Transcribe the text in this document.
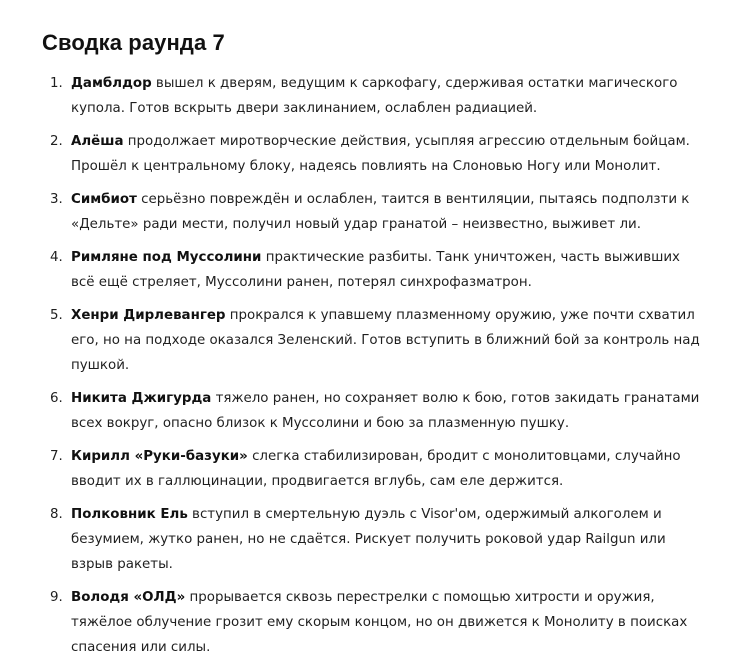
Сводка раунда 7
1. Дамблдор вышел к дверям, ведущим к саркофагу, сдерживая остатки магического купола. Готов вскрыть двери заклинанием, ослаблен радиацией.
2. Алёша продолжает миротворческие действия, усыпляя агрессию отдельным бойцам. Прошёл к центральному блоку, надеясь повлиять на Слоновью Ногу или Монолит.
3. Симбиот серьёзно повреждён и ослаблен, таится в вентиляции, пытаясь подползти к «Дельте» ради мести, получил новый удар гранатой – неизвестно, выживет ли.
4. Римляне под Муссолини практические разбиты. Танк уничтожен, часть выживших всё ещё стреляет, Муссолини ранен, потерял синхрофазматрон.
5. Хенри Дирлевангер прокрался к упавшему плазменному оружию, уже почти схватил его, но на подходе оказался Зеленский. Готов вступить в ближний бой за контроль над пушкой.
6. Никита Джигурда тяжело ранен, но сохраняет волю к бою, готов закидать гранатами всех вокруг, опасно близок к Муссолини и бою за плазменную пушку.
7. Кирилл «Руки-базуки» слегка стабилизирован, бродит с монолитовцами, случайно вводит их в галлюцинации, продвигается вглубь, сам еле держится.
8. Полковник Ель вступил в смертельную дуэль с Visor'ом, одержимый алкоголем и безумием, жутко ранен, но не сдаётся. Рискует получить роковой удар Railgun или взрыв ракеты.
9. Володя «ОЛД» прорывается сквозь перестрелки с помощью хитрости и оружия, тяжёлое облучение грозит ему скорым концом, но он движется к Монолиту в поисках спасения или силы.
